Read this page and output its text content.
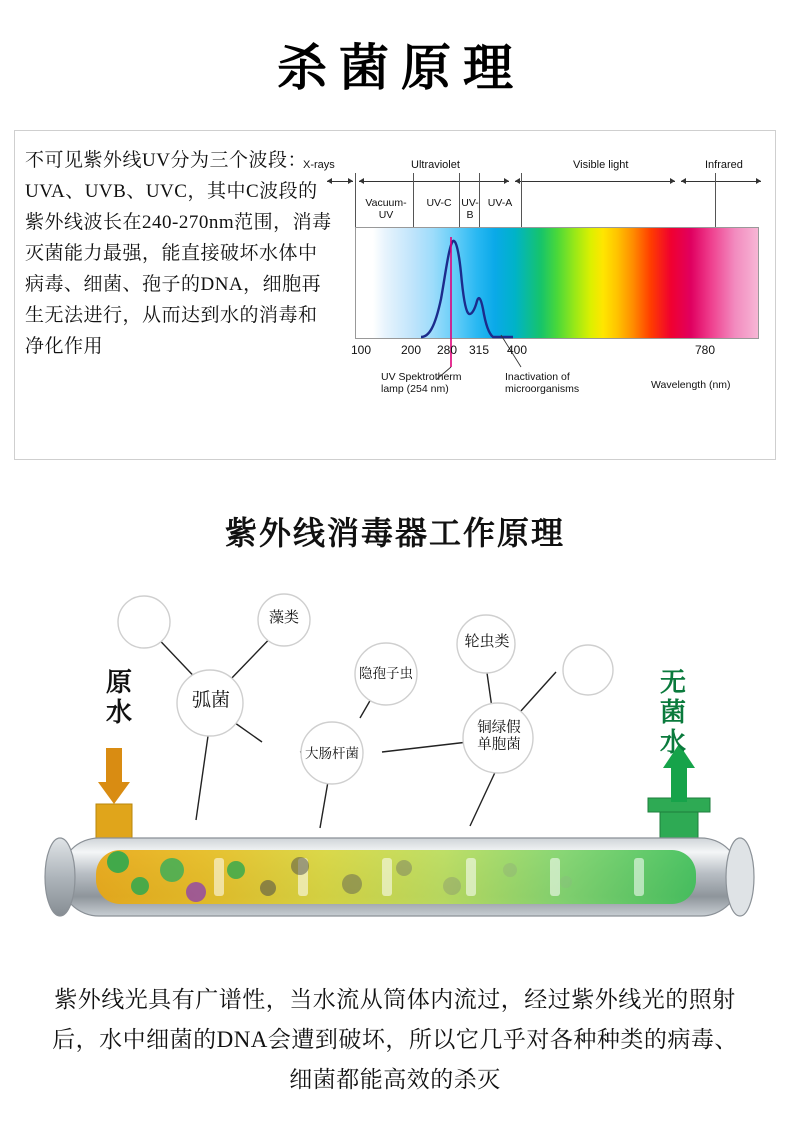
杀菌原理
不可见紫外线UV分为三个波段：UVA、UVB、UVC，其中C波段的紫外线波长在240-270nm范围，消毒灭菌能力最强，能直接破坏水体中病毒、细菌、孢子的DNA，细胞再生无法进行，从而达到水的消毒和净化作用
X-rays	Ultraviolet	Visible light	Infrared
Vacuum-
UV
UV-C UV-
B
UV-A
100 200 280 315 400	780
UV Spektrotherm
lamp (254 nm)
Inactivation of
microorganisms	Wavelength (nm)
紫外线消毒器工作原理
藻类
弧菌
隐孢子虫
轮虫类
大肠杆菌
铜绿假
单胞菌
原水
无菌水
紫外线光具有广谱性，当水流从筒体内流过，经过紫外线光的照射后，水中细菌的DNA会遭到破坏，所以它几乎对各种种类的病毒、细菌都能高效的杀灭
